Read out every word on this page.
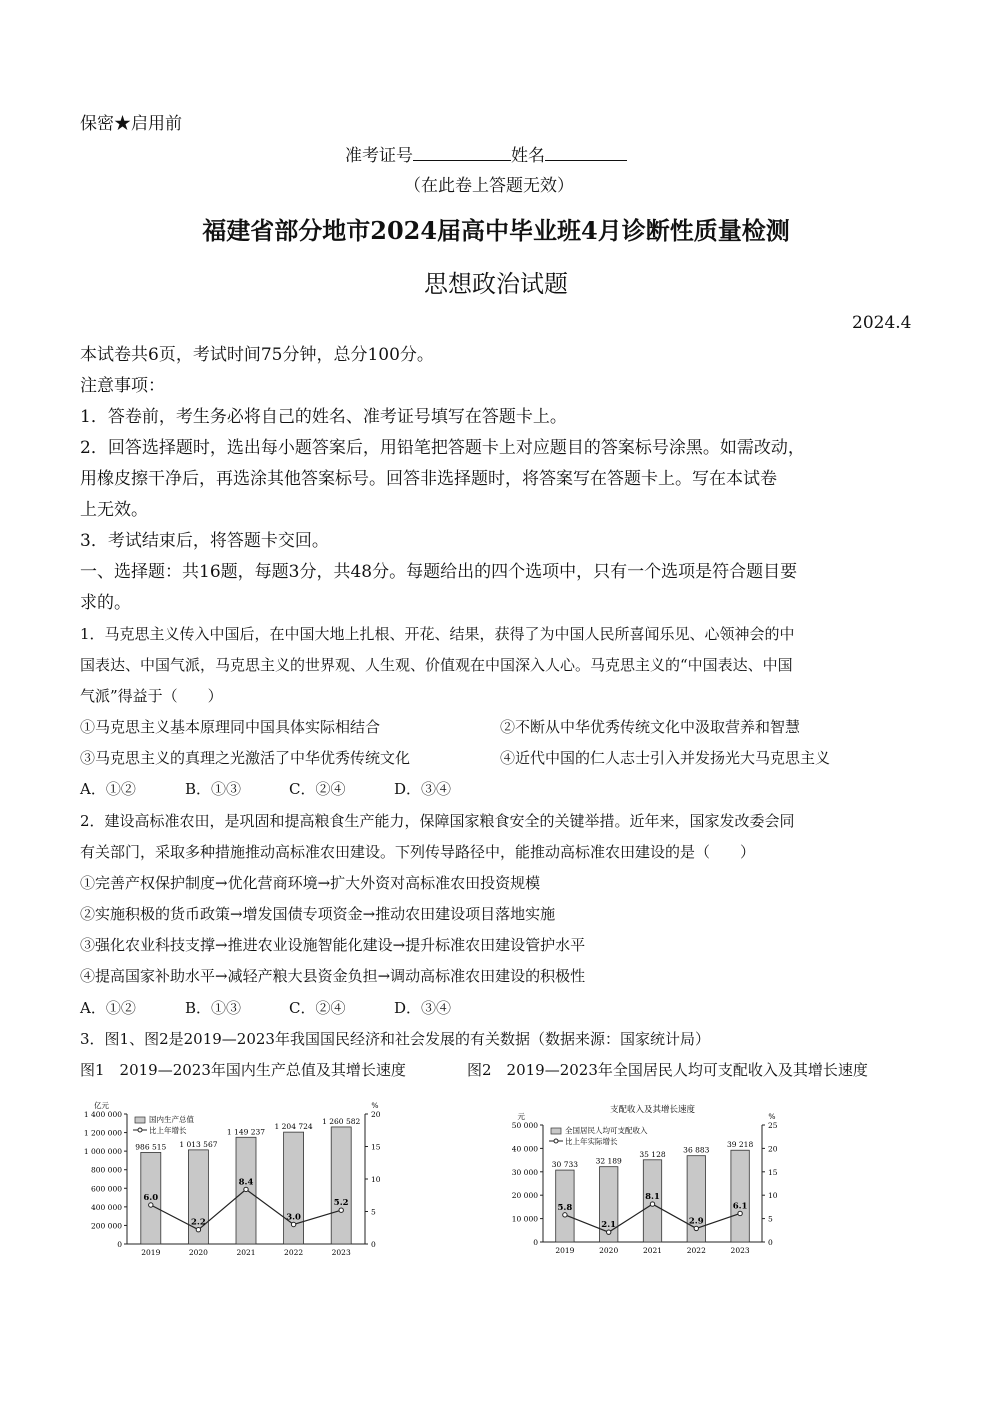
保密★启用前
准考证号	姓名
（在此卷上答题无效）
福建省部分地市2024届高中毕业班4月诊断性质量检测
思想政治试题
2024.4
本试卷共6页，考试时间75分钟，总分100分。
注意事项：
1．答卷前，考生务必将自己的姓名、准考证号填写在答题卡上。
2．回答选择题时，选出每小题答案后，用铅笔把答题卡上对应题目的答案标号涂黑。如需改动，
用橡皮擦干净后，再选涂其他答案标号。回答非选择题时，将答案写在答题卡上。写在本试卷
上无效。
3．考试结束后，将答题卡交回。
一、选择题：共16题，每题3分，共48分。每题给出的四个选项中，只有一个选项是符合题目要
求的。
1．马克思主义传入中国后，在中国大地上扎根、开花、结果，获得了为中国人民所喜闻乐见、心领神会的中
国表达、中国气派，马克思主义的世界观、人生观、价值观在中国深入人心。马克思主义的“中国表达、中国
气派”得益于（　　）
①马克思主义基本原理同中国具体实际相结合	②不断从中华优秀传统文化中汲取营养和智慧
③马克思主义的真理之光激活了中华优秀传统文化	④近代中国的仁人志士引入并发扬光大马克思主义
A．①②	B．①③	C．②④	D．③④
2．建设高标准农田，是巩固和提高粮食生产能力，保障国家粮食安全的关键举措。近年来，国家发改委会同
有关部门，采取多种措施推动高标准农田建设。下列传导路径中，能推动高标准农田建设的是（　　）
①完善产权保护制度→优化营商环境→扩大外资对高标准农田投资规模
②实施积极的货币政策→增发国债专项资金→推动农田建设项目落地实施
③强化农业科技支撑→推进农业设施智能化建设→提升标准农田建设管护水平
④提高国家补助水平→减轻产粮大县资金负担→调动高标准农田建设的积极性
A．①②	B．①③	C．②④	D．③④
3．图1、图2是2019—2023年我国国民经济和社会发展的有关数据（数据来源：国家统计局）
图1　2019—2023年国内生产总值及其增长速度	图2　2019—2023年全国居民人均可支配收入及其增长速度
亿元	%
0
200 000
400 000
600 000
800 000
1 000 000
1 200 000
1 400 000
0
5
10
15
20
986 515
2019
1 013 567
2020
1 149 237
2021
1 204 724
2022
1 260 582
2023
6.0
2.2
8.4
3.0
5.2
国内生产总值
比上年增长
支配收入及其增长速度
元	%
0
10 000
20 000
30 000
40 000
50 000
0
5
10
15
20
25
30 733
2019
32 189
2020
35 128
2021
36 883
2022
39 218
2023
5.8
2.1
8.1
2.9
6.1
全国居民人均可支配收入
比上年实际增长
